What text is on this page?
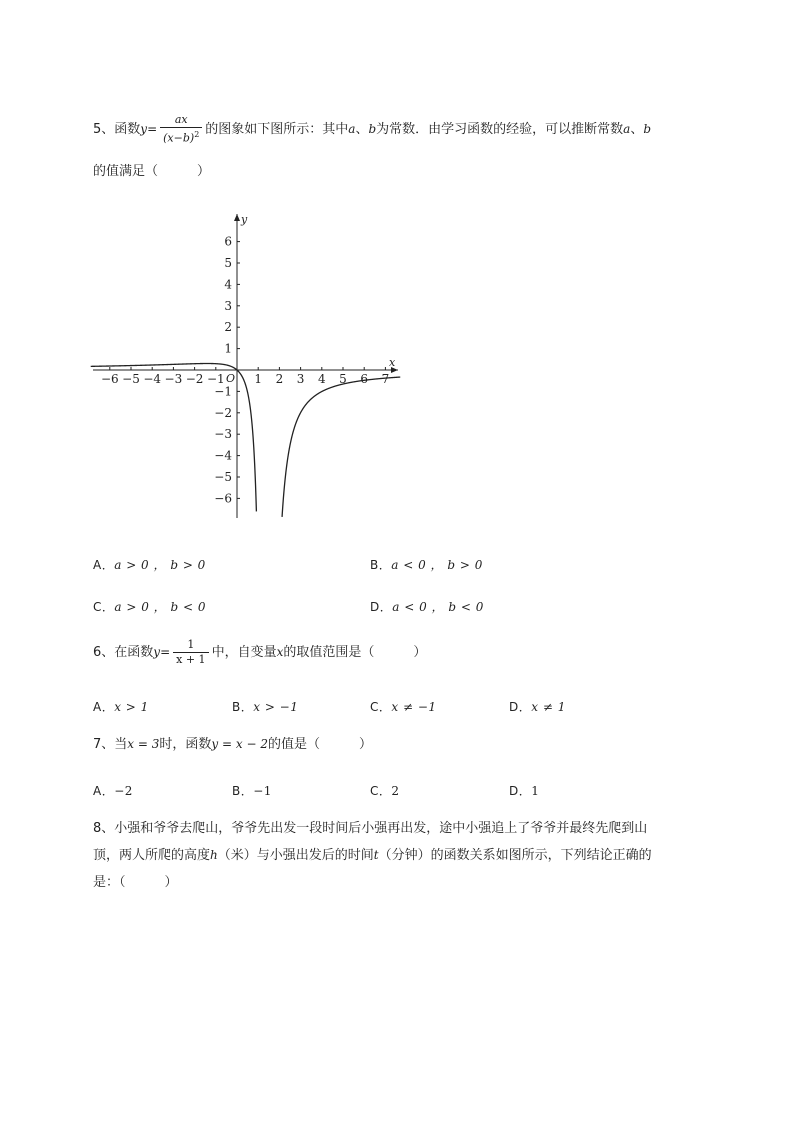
5、函数$y= \frac{ax}{(x-b)^2}$ 的图象如下图所示：其中a、b为常数．由学习函数的经验，可以推断常数a、b
的值满足（　　　）
x
y
O
−6 −5 −4 −3 −2 −1 1 2 3 4 5 6 7
6
5
4
3
2
1
−1
−2
−3
−4
−5
−6
A．a > 0 ， b > 0	B．a < 0 ， b > 0
C．a > 0 ， b < 0	D．a < 0 ， b < 0
6、在函数$y= \frac{1}{x + 1}$ 中，自变量x的取值范围是（　　　）
A．x > 1	B．x > −1	C．x ≠ −1	D．x ≠ 1
7、当x = 3时，函数y = x − 2的值是（　　　）
A．−2	B．−1	C．2	D．1
8、小强和爷爷去爬山，爷爷先出发一段时间后小强再出发，途中小强追上了爷爷并最终先爬到山
顶，两人所爬的高度h（米）与小强出发后的时间t（分钟）的函数关系如图所示，下列结论正确的
是：（　　　）
